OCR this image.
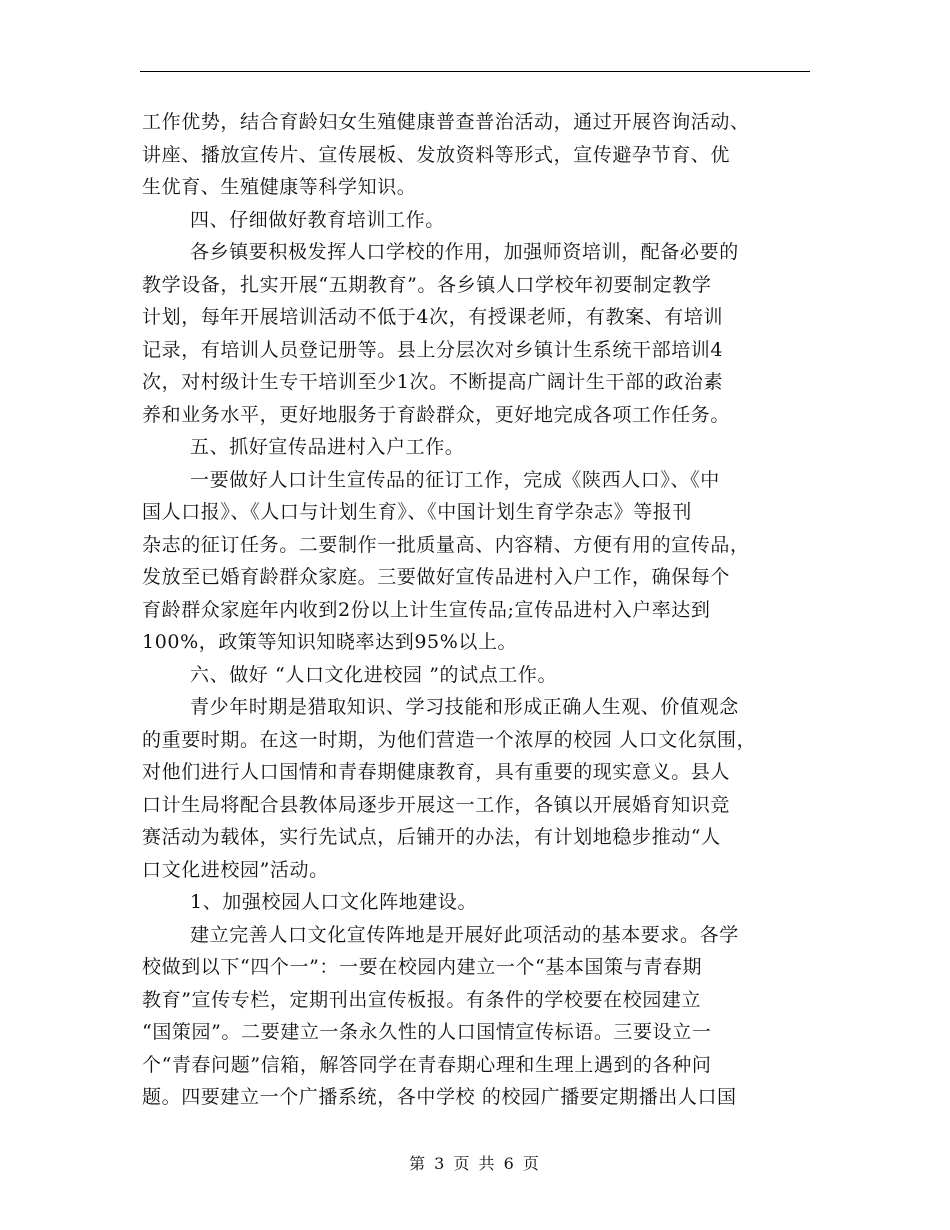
工作优势，结合育龄妇女生殖健康普查普治活动，通过开展咨询活动、
讲座、播放宣传片、宣传展板、发放资料等形式，宣传避孕节育、优
生优育、生殖健康等科学知识。
四、仔细做好教育培训工作。
各乡镇要积极发挥人口学校的作用，加强师资培训，配备必要的
教学设备，扎实开展“五期教育”。各乡镇人口学校年初要制定教学
计划，每年开展培训活动不低于4次，有授课老师，有教案、有培训
记录，有培训人员登记册等。县上分层次对乡镇计生系统干部培训4
次，对村级计生专干培训至少1次。不断提高广阔计生干部的政治素
养和业务水平，更好地服务于育龄群众，更好地完成各项工作任务。
五、抓好宣传品进村入户工作。
一要做好人口计生宣传品的征订工作，完成《陕西人口》、《中
国人口报》、《人口与计划生育》、《中国计划生育学杂志》等报刊
杂志的征订任务。二要制作一批质量高、内容精、方便有用的宣传品，
发放至已婚育龄群众家庭。三要做好宣传品进村入户工作，确保每个
育龄群众家庭年内收到2份以上计生宣传品;宣传品进村入户率达到
100%，政策等知识知晓率达到95%以上。
六、做好 “人口文化进校园 ”的试点工作。
青少年时期是猎取知识、学习技能和形成正确人生观、价值观念
的重要时期。在这一时期，为他们营造一个浓厚的校园 人口文化氛围，
对他们进行人口国情和青春期健康教育，具有重要的现实意义。县人
口计生局将配合县教体局逐步开展这一工作，各镇以开展婚育知识竞
赛活动为载体，实行先试点，后铺开的办法，有计划地稳步推动“人
口文化进校园”活动。
1、加强校园人口文化阵地建设。
建立完善人口文化宣传阵地是开展好此项活动的基本要求。各学
校做到以下“四个一”：一要在校园内建立一个“基本国策与青春期
教育”宣传专栏，定期刊出宣传板报。有条件的学校要在校园建立
“国策园”。二要建立一条永久性的人口国情宣传标语。三要设立一
个“青春问题”信箱，解答同学在青春期心理和生理上遇到的各种问
题。四要建立一个广播系统，各中学校 的校园广播要定期播出人口国
第 3 页 共 6 页
